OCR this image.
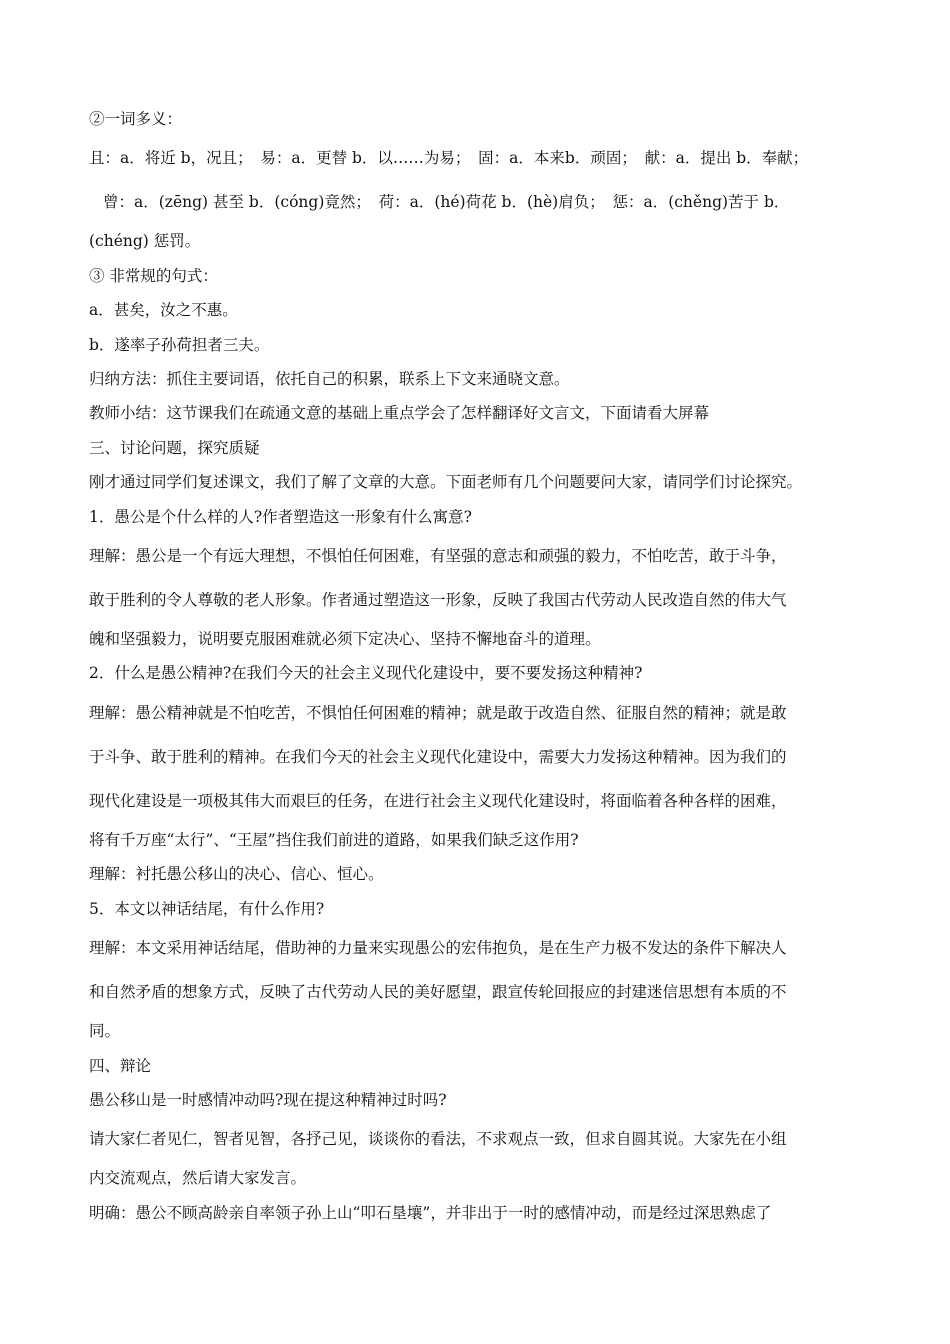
②一词多义：
且：a．将近 b，况且；　易：a．更替 b．以……为易；　固：a．本来b．顽固；　献：a．提出 b．奉献；
曾：a．(zēng) 甚至 b．(cóng)竟然；　荷：a．(hé)荷花 b．(hè)肩负；　惩：a．(chěng)苦于 b．
(chéng) 惩罚。
③ 非常规的句式：
a．甚矣，汝之不惠。
b．遂率子孙荷担者三夫。
归纳方法：抓住主要词语，依托自己的积累，联系上下文来通晓文意。
教师小结：这节课我们在疏通文意的基础上重点学会了怎样翻译好文言文，下面请看大屏幕
三、讨论问题，探究质疑
刚才通过同学们复述课文，我们了解了文章的大意。下面老师有几个问题要问大家，请同学们讨论探究。
1．愚公是个什么样的人?作者塑造这一形象有什么寓意?
理解：愚公是一个有远大理想，不惧怕任何困难，有坚强的意志和顽强的毅力，不怕吃苦，敢于斗争，
敢于胜利的令人尊敬的老人形象。作者通过塑造这一形象，反映了我国古代劳动人民改造自然的伟大气
魄和坚强毅力，说明要克服困难就必须下定决心、坚持不懈地奋斗的道理。
2．什么是愚公精神?在我们今天的社会主义现代化建设中，要不要发扬这种精神?
理解：愚公精神就是不怕吃苦，不惧怕任何困难的精神；就是敢于改造自然、征服自然的精神；就是敢
于斗争、敢于胜利的精神。在我们今天的社会主义现代化建设中，需要大力发扬这种精神。因为我们的
现代化建设是一项极其伟大而艰巨的任务，在进行社会主义现代化建设时，将面临着各种各样的困难，
将有千万座“太行”、“王屋”挡住我们前进的道路，如果我们缺乏这作用?
理解：衬托愚公移山的决心、信心、恒心。
5．本文以神话结尾，有什么作用?
理解：本文采用神话结尾，借助神的力量来实现愚公的宏伟抱负，是在生产力极不发达的条件下解决人
和自然矛盾的想象方式，反映了古代劳动人民的美好愿望，跟宣传轮回报应的封建迷信思想有本质的不
同。
四、辩论
愚公移山是一时感情冲动吗?现在提这种精神过时吗?
请大家仁者见仁，智者见智，各抒己见，谈谈你的看法，不求观点一致，但求自圆其说。大家先在小组
内交流观点，然后请大家发言。
明确：愚公不顾高龄亲自率领子孙上山“叩石垦壤”，并非出于一时的感情冲动，而是经过深思熟虑了
